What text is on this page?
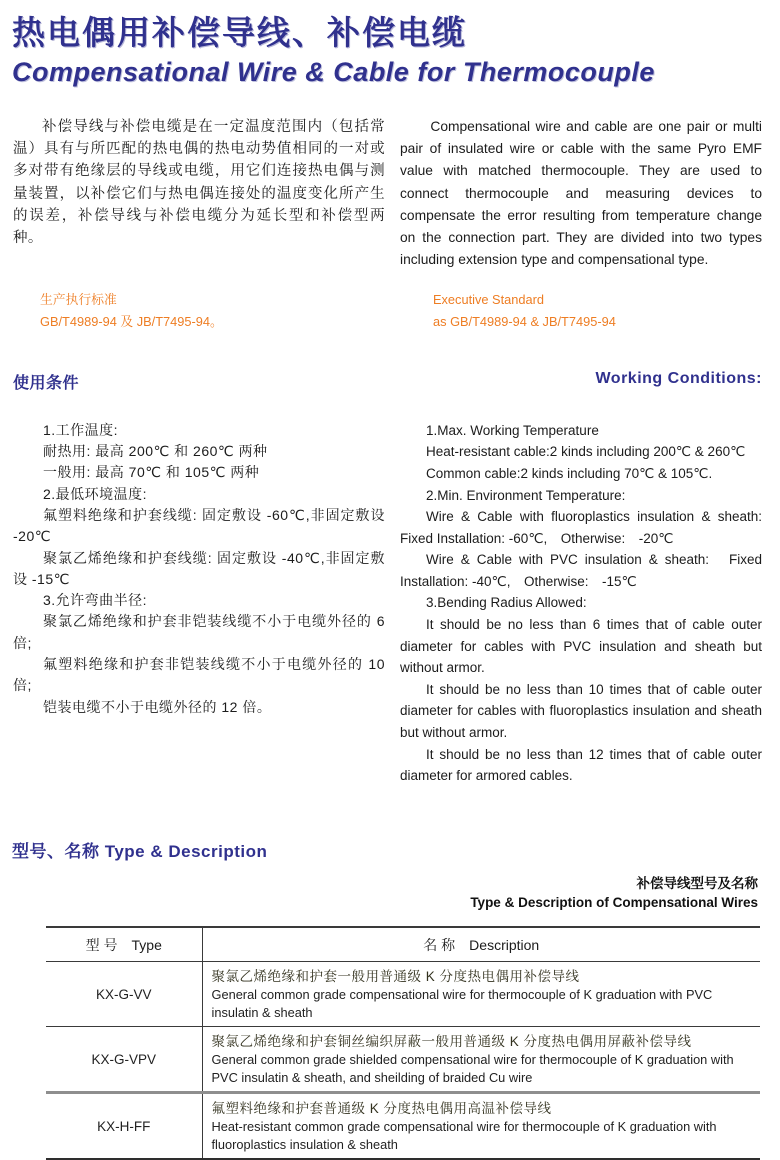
热电偶用补偿导线、补偿电缆
Compensational Wire & Cable for Thermocouple

补偿导线与补偿电缆是在一定温度范围内（包括常温）具有与所匹配的热电偶的热电动势值相同的一对或多对带有绝缘层的导线或电缆，用它们连接热电偶与测量装置，以补偿它们与热电偶连接处的温度变化所产生的误差，补偿导线与补偿电缆分为延长型和补偿型两种。

Compensational wire and cable are one pair or multi pair of insulated wire or cable with the same Pyro EMF value with matched thermocouple. They are used to connect thermocouple and measuring devices to compensate the error resulting from temperature change on the connection part. They are divided into two types including extension type and compensational type.

生产执行标准

GB/T4989-94 及 JB/T7495-94。

Executive Standard

as GB/T4989-94 & JB/T7495-94

使用条件	Working Conditions:

1.工作温度:

耐热用: 最高 200℃ 和 260℃ 两种

一般用: 最高 70℃ 和 105℃ 两种

2.最低环境温度:

氟塑料绝缘和护套线缆: 固定敷设 -60℃,非固定敷设 -20℃

聚氯乙烯绝缘和护套线缆: 固定敷设 -40℃,非固定敷设 -15℃

3.允许弯曲半径:

聚氯乙烯绝缘和护套非铠装线缆不小于电缆外径的 6 倍;

氟塑料绝缘和护套非铠装线缆不小于电缆外径的 10 倍;

铠装电缆不小于电缆外径的 12 倍。

1.Max. Working Temperature

Heat-resistant cable:2 kinds including 200℃ & 260℃

Common cable:2 kinds including 70℃ & 105℃.

2.Min. Environment Temperature:

Wire & Cable with fluoroplastics insulation & sheath: Fixed Installation: -60℃,　Otherwise:　-20℃

Wire & Cable with PVC insulation & sheath:　Fixed Installation: -40℃,　Otherwise:　-15℃

3.Bending Radius Allowed:

It should be no less than 6 times that of cable outer diameter for cables with PVC insulation and sheath but without armor.

It should be no less than 10 times that of cable outer diameter for cables with fluoroplastics insulation and sheath but without armor.

It should be no less than 12 times that of cable outer diameter for armored cables.

型号、名称 Type & Description

补偿导线型号及名称

Type & Description of Compensational Wires

型 号　Type	名 称　Description
KX-G-VV	聚氯乙烯绝缘和护套一般用普通级 K 分度热电偶用补偿导线
General common grade compensational wire for thermocouple of K graduation with PVC insulatin & sheath

KX-G-VPV	聚氯乙烯绝缘和护套铜丝编织屏蔽一般用普通级 K 分度热电偶用屏蔽补偿导线
General common grade shielded compensational wire for thermocouple of K graduation with PVC insulatin & sheath, and sheilding of braided Cu wire

KX-H-FF	氟塑料绝缘和护套普通级 K 分度热电偶用高温补偿导线
Heat-resistant common grade compensational wire for thermocouple of K graduation with fluoroplastics insulation & sheath
